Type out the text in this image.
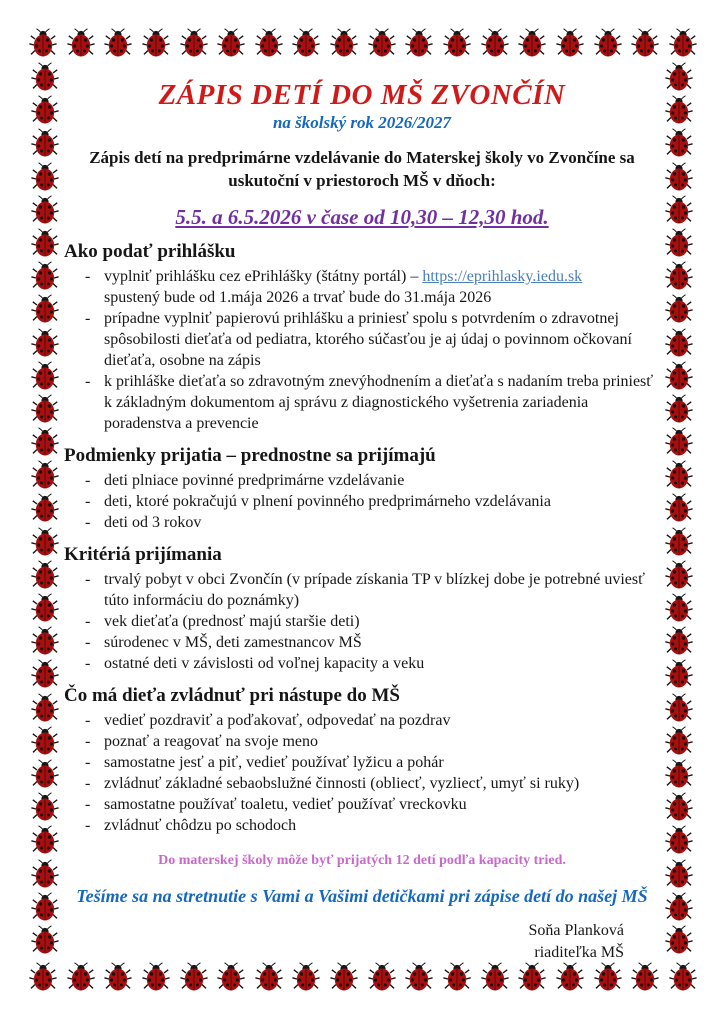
ZÁPIS DETÍ DO MŠ ZVONČÍN
na školský rok 2026/2027

Zápis detí na predprimárne vzdelávanie do Materskej školy vo Zvončíne sa uskutoční v priestoroch MŠ v dňoch:

5.5. a 6.5.2026 v čase od 10,30 – 12,30 hod.
Ako podať prihlášku
- vyplniť prihlášku cez ePrihlášky (štátny portál) – https://eprihlasky.iedu.sk
spustený bude od 1.mája 2026 a trvať bude do 31.mája 2026
- prípadne vyplniť papierovú prihlášku a priniesť spolu s potvrdením o zdravotnej spôsobilosti dieťaťa od pediatra, ktorého súčasťou je aj údaj o povinnom očkovaní dieťaťa, osobne na zápis
- k prihláške dieťaťa so zdravotným znevýhodnením a dieťaťa s nadaním treba priniesť k základným dokumentom aj správu z diagnostického vyšetrenia zariadenia poradenstva a prevencie
Podmienky prijatia – prednostne sa prijímajú
- deti plniace povinné predprimárne vzdelávanie
- deti, ktoré pokračujú v plnení povinného predprimárneho vzdelávania
- deti od 3 rokov
Kritériá prijímania
- trvalý pobyt v obci Zvončín (v prípade získania TP v blízkej dobe je potrebné uviesť túto informáciu do poznámky)
- vek dieťaťa (prednosť majú staršie deti)
- súrodenec v MŠ, deti zamestnancov MŠ
- ostatné deti v závislosti od voľnej kapacity a veku
Čo má dieťa zvládnuť pri nástupe do MŠ
- vedieť pozdraviť a poďakovať, odpovedať na pozdrav
- poznať a reagovať na svoje meno
- samostatne jesť a piť, vedieť používať lyžicu a pohár
- zvládnuť základné sebaobslužné činnosti (obliecť, vyzliecť, umyť si ruky)
- samostatne používať toaletu, vedieť používať vreckovku
- zvládnuť chôdzu po schodoch
Do materskej školy môže byť prijatých 12 detí podľa kapacity tried.
Tešíme sa na stretnutie s Vami a Vašimi detičkami pri zápise detí do našej MŠ
Soňa Planková
riaditeľka MŠ
